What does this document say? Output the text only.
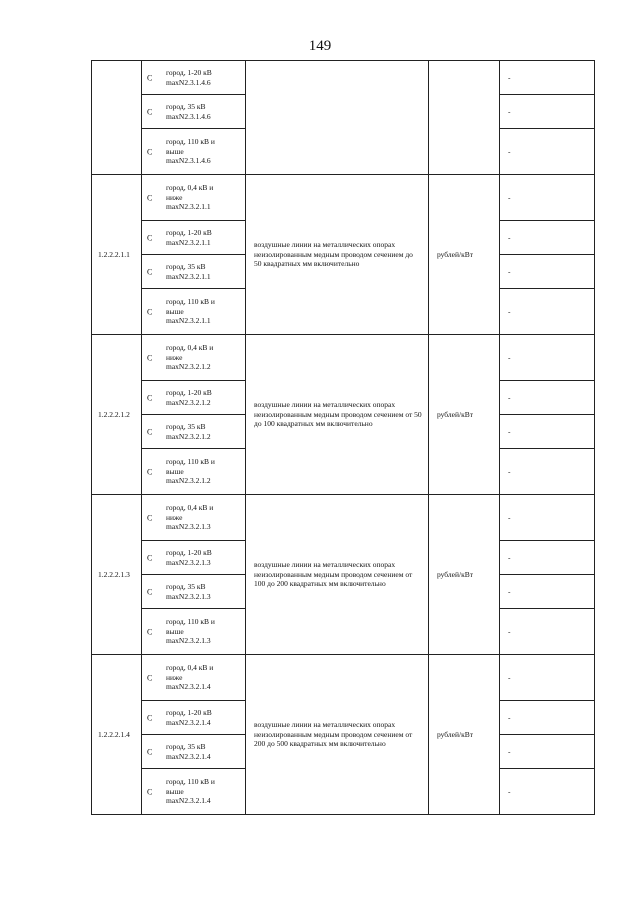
149

	С
город, 1-20 кВ
maxN2.3.1.4.6			-

	С
город, 35 кВ
maxN2.3.1.4.6			-

	С
город, 110 кВ и
выше
maxN2.3.1.4.6			-
1.2.2.2.1.1	С
город, 0,4 кВ и
ниже
maxN2.3.2.1.1	воздушные линии на металлических опорах неизолированным медным проводом сечением до 50 квадратных мм включительно	рублей/кВт	-

	С
город, 1-20 кВ
maxN2.3.2.1.1			-

	С
город, 35 кВ
maxN2.3.2.1.1			-

	С
город, 110 кВ и
выше
maxN2.3.2.1.1			-
1.2.2.2.1.2	С
город, 0,4 кВ и
ниже
maxN2.3.2.1.2	воздушные линии на металлических опорах неизолированным медным проводом сечением от 50 до 100 квадратных мм включительно	рублей/кВт	-

	С
город, 1-20 кВ
maxN2.3.2.1.2			-

	С
город, 35 кВ
maxN2.3.2.1.2			-

	С
город, 110 кВ и
выше
maxN2.3.2.1.2			-
1.2.2.2.1.3	С
город, 0,4 кВ и
ниже
maxN2.3.2.1.3	воздушные линии на металлических опорах неизолированным медным проводом сечением от 100 до 200 квадратных мм включительно	рублей/кВт	-

	С
город, 1-20 кВ
maxN2.3.2.1.3			-

	С
город, 35 кВ
maxN2.3.2.1.3			-

	С
город, 110 кВ и
выше
maxN2.3.2.1.3			-
1.2.2.2.1.4	С
город, 0,4 кВ и
ниже
maxN2.3.2.1.4	воздушные линии на металлических опорах неизолированным медным проводом сечением от 200 до 500 квадратных мм включительно	рублей/кВт	-

	С
город, 1-20 кВ
maxN2.3.2.1.4			-

	С
город, 35 кВ
maxN2.3.2.1.4			-

	С
город, 110 кВ и
выше
maxN2.3.2.1.4			-
